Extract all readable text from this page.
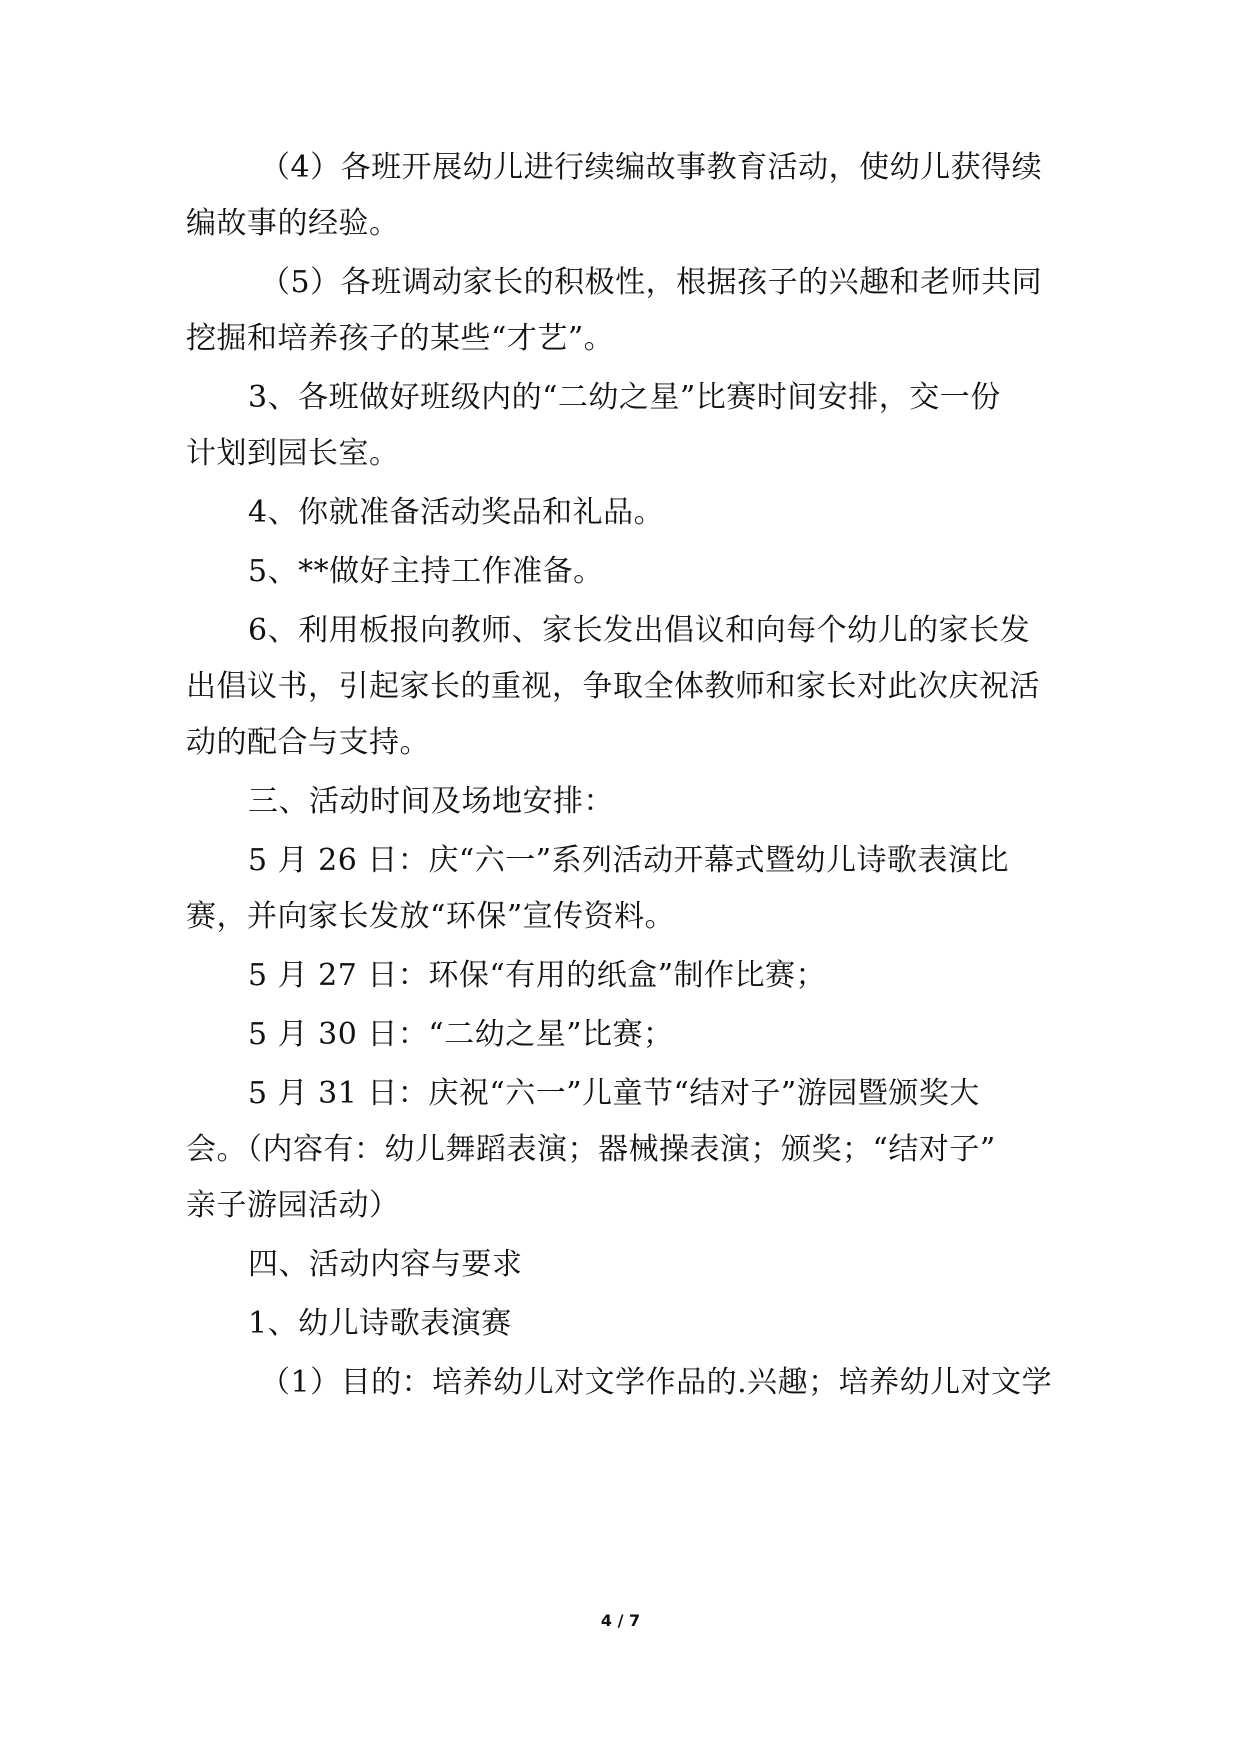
（4）各班开展幼儿进行续编故事教育活动，使幼儿获得续
编故事的经验。
（5）各班调动家长的积极性，根据孩子的兴趣和老师共同
挖掘和培养孩子的某些“才艺”。
3、各班做好班级内的“二幼之星”比赛时间安排，交一份
计划到园长室。
4、你就准备活动奖品和礼品。
5、**做好主持工作准备。
6、利用板报向教师、家长发出倡议和向每个幼儿的家长发
出倡议书，引起家长的重视，争取全体教师和家长对此次庆祝活
动的配合与支持。
三、活动时间及场地安排：
5 月 26 日：庆“六一”系列活动开幕式暨幼儿诗歌表演比
赛，并向家长发放“环保”宣传资料。
5 月 27 日：环保“有用的纸盒”制作比赛；
5 月 30 日：“二幼之星”比赛；
5 月 31 日：庆祝“六一”儿童节“结对子”游园暨颁奖大
会。（内容有：幼儿舞蹈表演；器械操表演；颁奖；“结对子”
亲子游园活动）
四、活动内容与要求
1、幼儿诗歌表演赛
（1）目的：培养幼儿对文学作品的.兴趣；培养幼儿对文学
4 / 7
